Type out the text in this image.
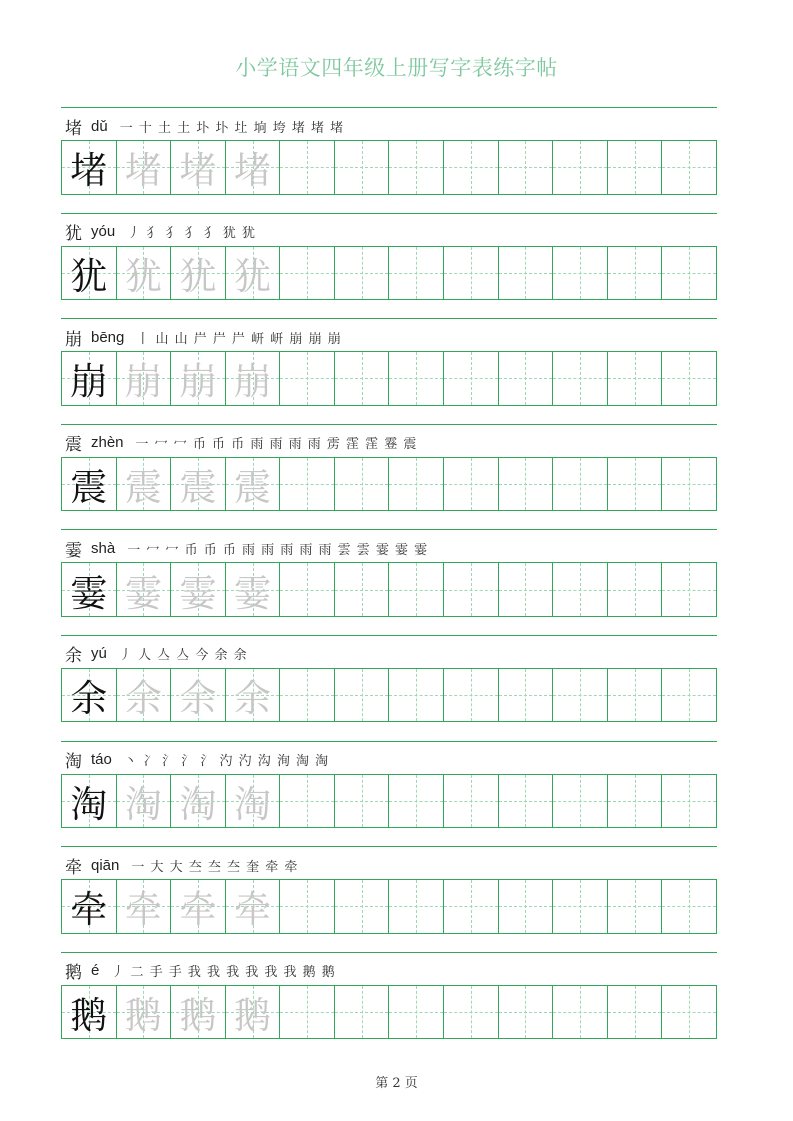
小学语文四年级上册写字表练字帖
堵 dǔ 一 十 土 土 圤 圤 圵 垧 垮 堵 堵 堵
堵 堵 堵 堵
犹 yóu 丿 犭 犭 犭 犭 犹 犹
犹 犹 犹 犹
崩 bēng 丨 山 山 屵 屵 屵 岍 岍 崩 崩 崩
崩 崩 崩 崩
震 zhèn 一 冖 冖 币 币 币 雨 雨 雨 雨 雳 霔 霔 霯 震
震 震 震 震
霎 shà 一 冖 冖 币 币 币 雨 雨 雨 雨 雨 雲 雲 霎 霎 霎
霎 霎 霎 霎
余 yú 丿 人 亼 亼 今 余 余
余 余 余 余
淘 táo 丶 冫 氵 氵 氵 汋 汋 沟 洵 淘 淘
淘 淘 淘 淘
牵 qiān 一 大 大 夳 夳 夳 奎 牵 牵
牵 牵 牵 牵
鹅 é 丿 二 手 手 我 我 我 我 我 我 鹅 鹅
鹅 鹅 鹅 鹅
第 2 页
